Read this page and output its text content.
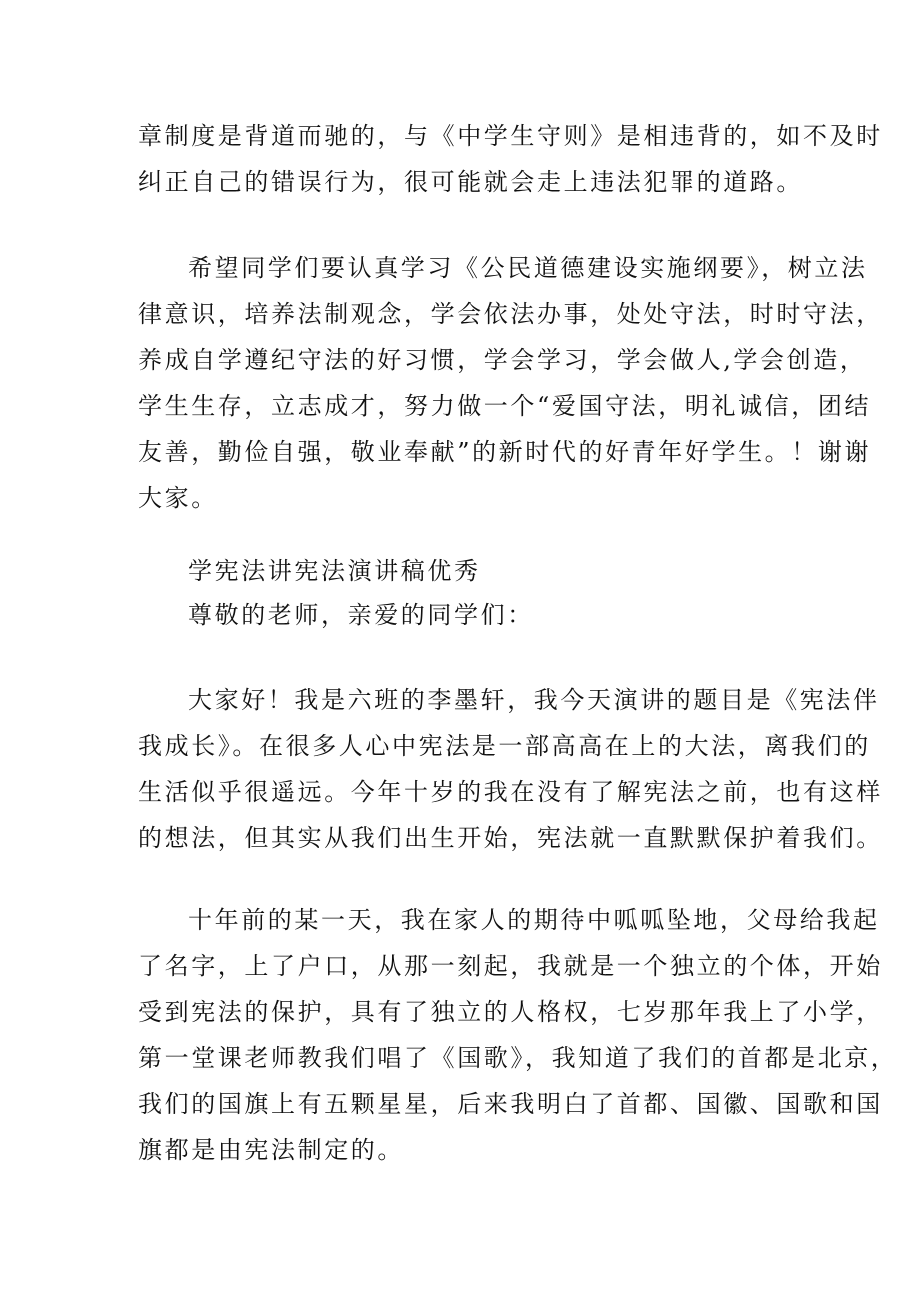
章制度是背道而驰的，与《中学生守则》是相违背的，如不及时
纠正自己的错误行为，很可能就会走上违法犯罪的道路。
希望同学们要认真学习《公民道德建设实施纲要》，树立法
律意识，培养法制观念，学会依法办事，处处守法，时时守法，
养成自学遵纪守法的好习惯，学会学习，学会做人,学会创造，
学生生存，立志成才，努力做一个“爱国守法，明礼诚信，团结
友善，勤俭自强，敬业奉献”的新时代的好青年好学生。！谢谢
大家。
学宪法讲宪法演讲稿优秀
尊敬的老师，亲爱的同学们：
大家好！我是六班的李墨轩，我今天演讲的题目是《宪法伴
我成长》。在很多人心中宪法是一部高高在上的大法，离我们的
生活似乎很遥远。今年十岁的我在没有了解宪法之前，也有这样
的想法，但其实从我们出生开始，宪法就一直默默保护着我们。
十年前的某一天，我在家人的期待中呱呱坠地，父母给我起
了名字，上了户口，从那一刻起，我就是一个独立的个体，开始
受到宪法的保护，具有了独立的人格权，七岁那年我上了小学，
第一堂课老师教我们唱了《国歌》，我知道了我们的首都是北京，
我们的国旗上有五颗星星，后来我明白了首都、国徽、国歌和国
旗都是由宪法制定的。
